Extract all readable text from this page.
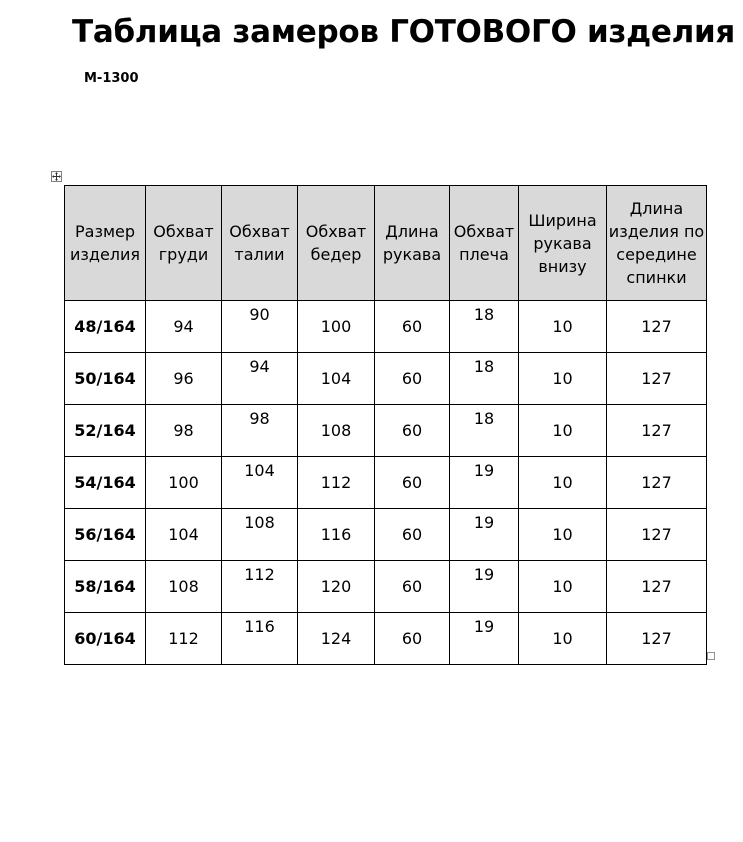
Таблица замеров ГОТОВОГО изделия
М-1300
Размер изделия	Обхват груди	Обхват талии	Обхват бедер	Длина рукава	Обхват плеча	Ширина рукава внизу	Длина изделия по середине спинки
48/164	94	90	100	60	18	10	127
50/164	96	94	104	60	18	10	127
52/164	98	98	108	60	18	10	127
54/164	100	104	112	60	19	10	127
56/164	104	108	116	60	19	10	127
58/164	108	112	120	60	19	10	127
60/164	112	116	124	60	19	10	127
